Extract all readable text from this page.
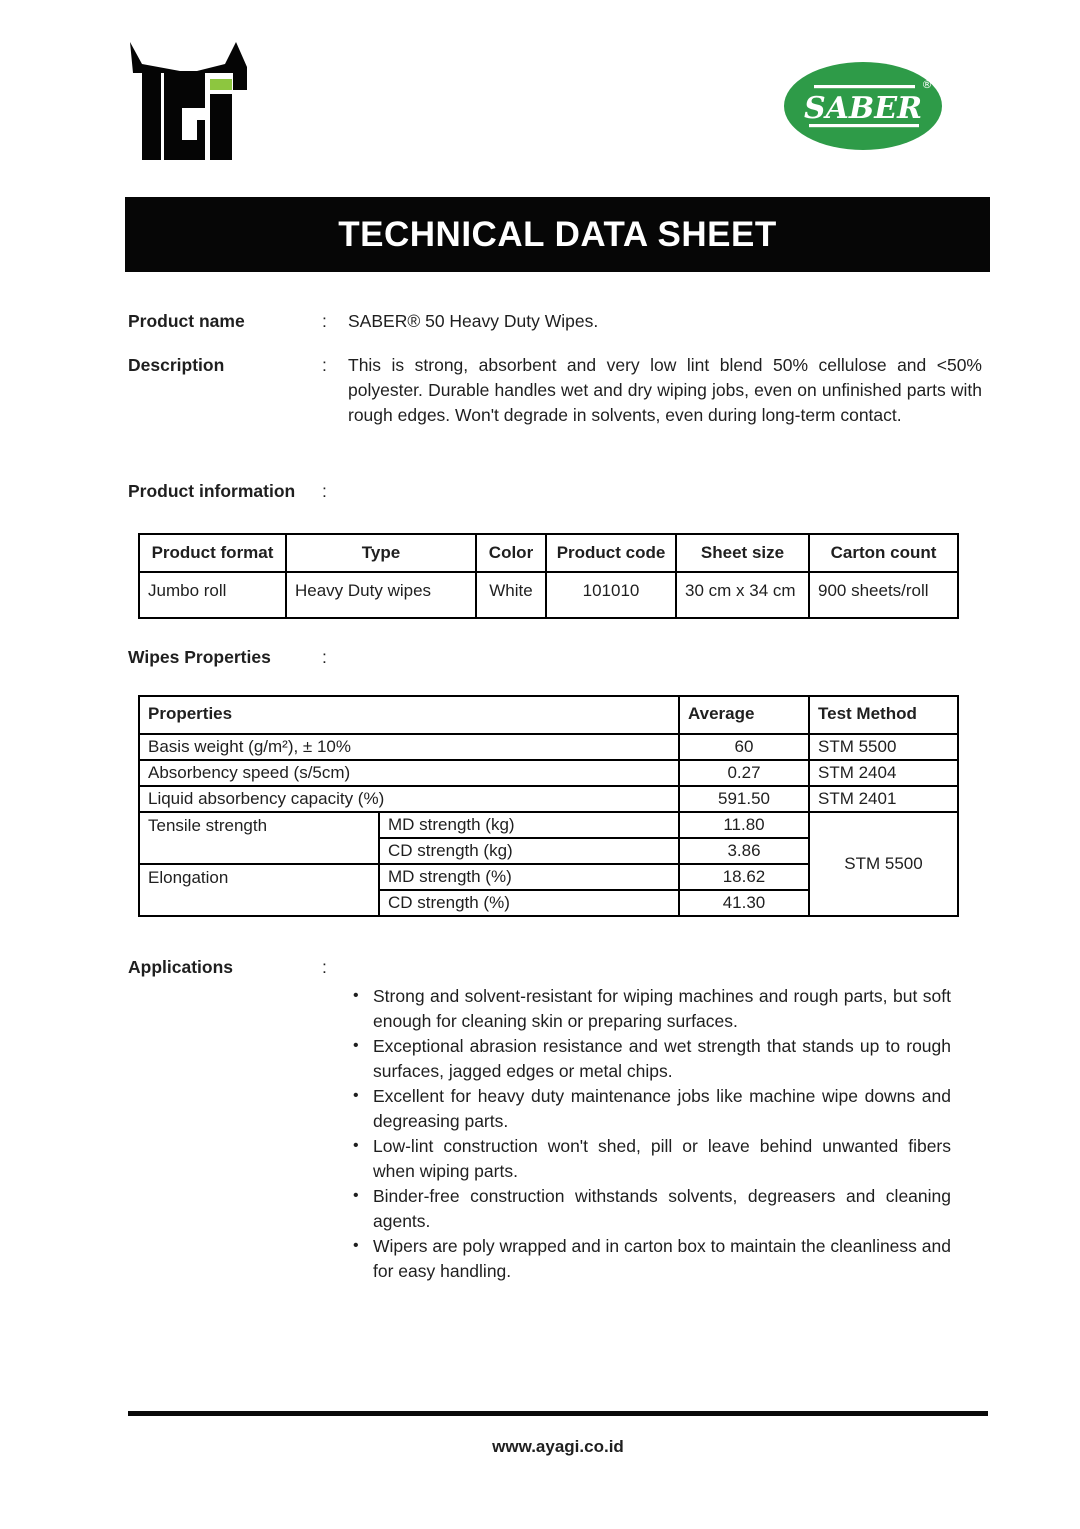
SABER
®
TECHNICAL DATA SHEET
Product name	:	SABER® 50 Heavy Duty Wipes.
Description	:	This is strong, absorbent and very low lint blend 50% cellulose and <50% polyester. Durable handles wet and dry wiping jobs, even on unfinished parts with rough edges. Won't degrade in solvents, even during long-term contact.
Product information	:
Product format	Type	Color	Product code	Sheet size	Carton count
Jumbo roll	Heavy Duty wipes	White	101010	30 cm x 34 cm	900 sheets/roll
Wipes Properties	:
Properties		Average	Test Method
Basis weight (g/m²), ± 10%		60	STM 5500
Absorbency speed (s/5cm)		0.27	STM 2404
Liquid absorbency capacity (%)		591.50	STM 2401
Tensile strength	MD strength (kg)	11.80	STM 5500
	CD strength (kg)	3.86	
Elongation	MD strength (%)	18.62	
	CD strength (%)	41.30	
Applications	:
• Strong and solvent-resistant for wiping machines and rough parts, but soft enough for cleaning skin or preparing surfaces.
• Exceptional abrasion resistance and wet strength that stands up to rough surfaces, jagged edges or metal chips.
• Excellent for heavy duty maintenance jobs like machine wipe downs and degreasing parts.
• Low-lint construction won't shed, pill or leave behind unwanted fibers when wiping parts.
• Binder-free construction withstands solvents, degreasers and cleaning agents.
• Wipers are poly wrapped and in carton box to maintain the cleanliness and for easy handling.
www.ayagi.co.id
